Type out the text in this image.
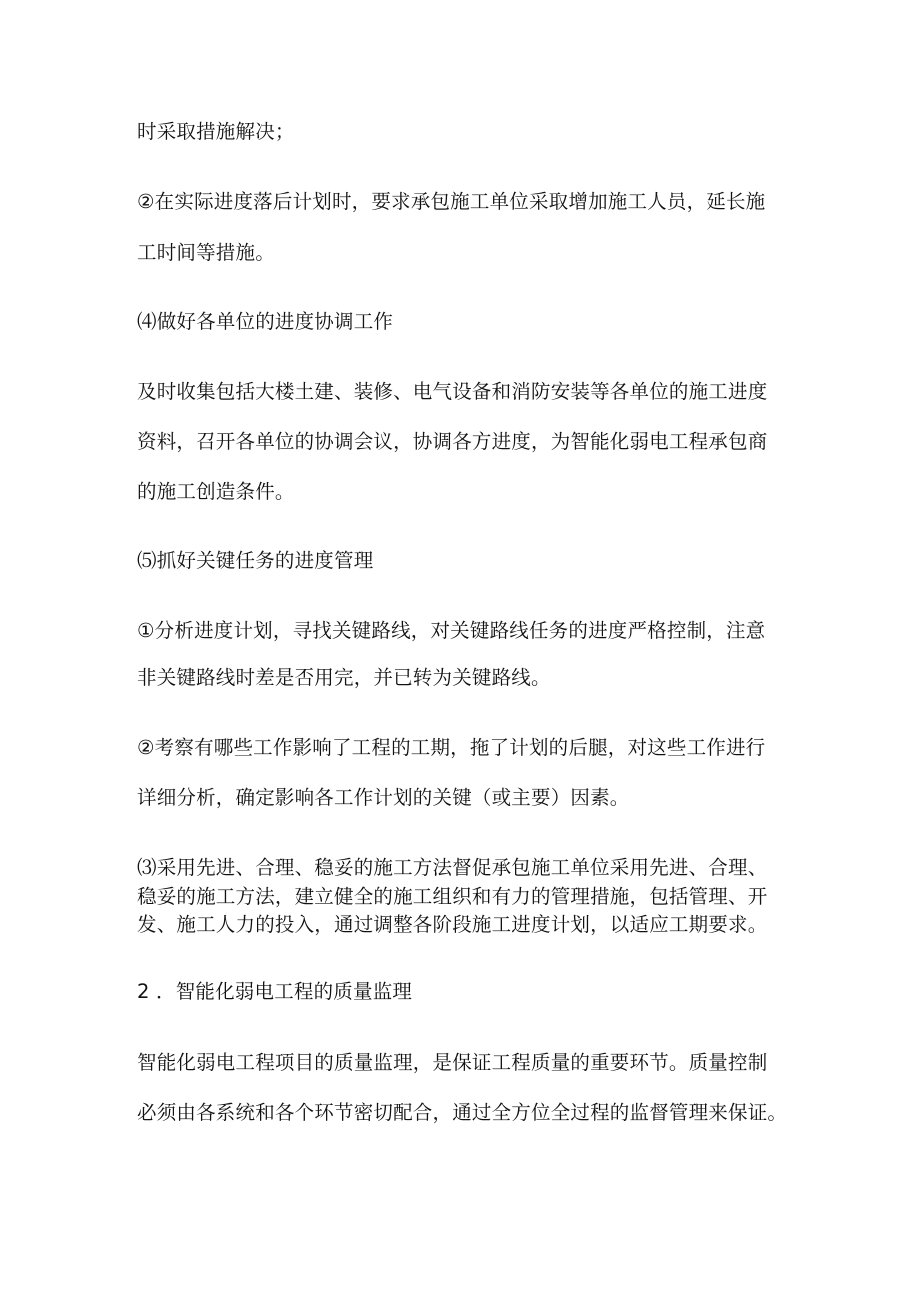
时采取措施解决；
②在实际进度落后计划时，要求承包施工单位采取增加施工人员，延长施
工时间等措施。
⑷做好各单位的进度协调工作
及时收集包括大楼土建、装修、电气设备和消防安装等各单位的施工进度
资料，召开各单位的协调会议，协调各方进度，为智能化弱电工程承包商
的施工创造条件。
⑸抓好关键任务的进度管理
①分析进度计划，寻找关键路线，对关键路线任务的进度严格控制，注意
非关键路线时差是否用完，并已转为关键路线。
②考察有哪些工作影响了工程的工期，拖了计划的后腿，对这些工作进行
详细分析，确定影响各工作计划的关键（或主要）因素。
⑶采用先进、合理、稳妥的施工方法督促承包施工单位采用先进、合理、
稳妥的施工方法，建立健全的施工组织和有力的管理措施，包括管理、开
发、施工人力的投入，通过调整各阶段施工进度计划，以适应工期要求。
2 ．智能化弱电工程的质量监理
智能化弱电工程项目的质量监理，是保证工程质量的重要环节。质量控制
必须由各系统和各个环节密切配合，通过全方位全过程的监督管理来保证。
